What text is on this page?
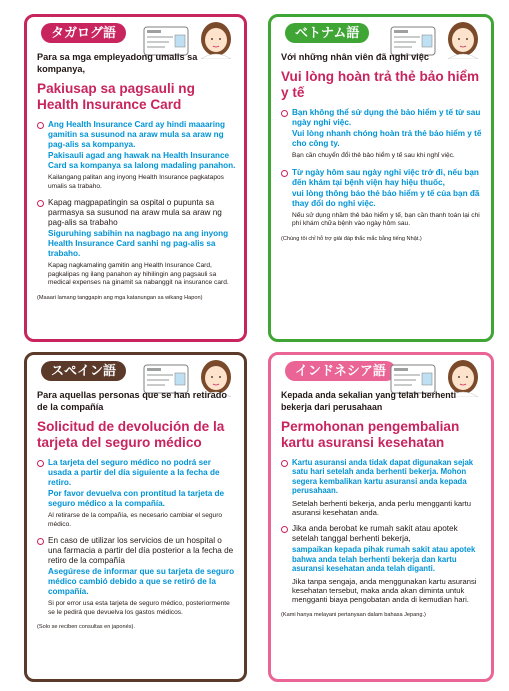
タガログ語
Para sa mga empleyadong umalis sa kompanya,
Pakiusap sa pagsauli ng Health Insurance Card
Ang Health Insurance Card ay hindi maaaring gamitin sa susunod na araw mula sa araw ng pag-alis sa kompanya.
Pakisauli agad ang hawak na Health Insurance Card sa kompanya sa lalong madaling panahon.
Kailangang palitan ang inyong Health Insurance pagkatapos umalis sa trabaho.
Kapag magpapatingin sa ospital o pupunta sa parmasya sa susunod na araw mula sa araw ng pag-alis sa trabaho
Siguruhing sabihin na nagbago na ang inyong Health Insurance Card sanhi ng pag-alis sa trabaho.
Kapag nagkamaling gamitin ang Health Insurance Card, pagkalipas ng ilang panahon ay hihilingin ang pagsauli sa medical expenses na ginamit sa nabanggit na insurance card.
(Maaari lamang tanggapin ang mga katanungan sa wikang Hapon)
ベトナム語
Với những nhân viên đã nghỉ việc
Vui lòng hoàn trả thẻ bảo hiểm y tế
Bạn không thể sử dụng thẻ bảo hiểm y tế từ sau ngày nghỉ việc.
Vui lòng nhanh chóng hoàn trả thẻ bảo hiểm y tế cho công ty.
Bạn cần chuyển đổi thẻ bảo hiểm y tế sau khi nghỉ việc.
Từ ngày hôm sau ngày nghỉ việc trở đi, nếu bạn đến khám tại bệnh viện hay hiệu thuốc,
vui lòng thông báo thẻ bảo hiểm y tế của bạn đã thay đổi do nghỉ việc.
Nếu sử dụng nhầm thẻ bảo hiểm y tế, bạn cần thanh toán lại chi phí khám chữa bệnh vào ngày hôm sau.
(Chúng tôi chỉ hỗ trợ giải đáp thắc mắc bằng tiếng Nhật.)
スペイン語
Para aquellas personas que se han retirado de la compañía
Solicitud de devolución de la tarjeta del seguro médico
La tarjeta del seguro médico no podrá ser usada a partir del día siguiente a la fecha de retiro.
Por favor devuelva con prontitud la tarjeta de seguro médico a la compañía.
Al retirarse de la compañía, es necesario cambiar el seguro médico.
En caso de utilizar los servicios de un hospital o una farmacia a partir del día posterior a la fecha de retiro de la compañía
Asegúrese de informar que su tarjeta de seguro médico cambió debido a que se retiró de la compañía.
Si por error usa esta tarjeta de seguro médico, posteriormente se le pedirá que devuelva los gastos médicos.
(Solo se reciben consultas en japonés).
インドネシア語
Kepada anda sekalian yang telah berhenti bekerja dari perusahaan
Permohonan pengembalian kartu asuransi kesehatan
Kartu asuransi anda tidak dapat digunakan sejak satu hari setelah anda berhenti bekerja. Mohon segera kembalikan kartu asuransi anda kepada perusahaan.
Setelah berhenti bekerja, anda perlu mengganti kartu asuransi kesehatan anda.
Jika anda berobat ke rumah sakit atau apotek setelah tanggal berhenti bekerja,
sampaikan kepada pihak rumah sakit atau apotek bahwa anda telah berhenti bekerja dan kartu asuransi kesehatan anda telah diganti.
Jika tanpa sengaja, anda menggunakan kartu asuransi kesehatan tersebut, maka anda akan diminta untuk mengganti biaya pengobatan anda di kemudian hari.
(Kami hanya melayani pertanyaan dalam bahasa Jepang.)
